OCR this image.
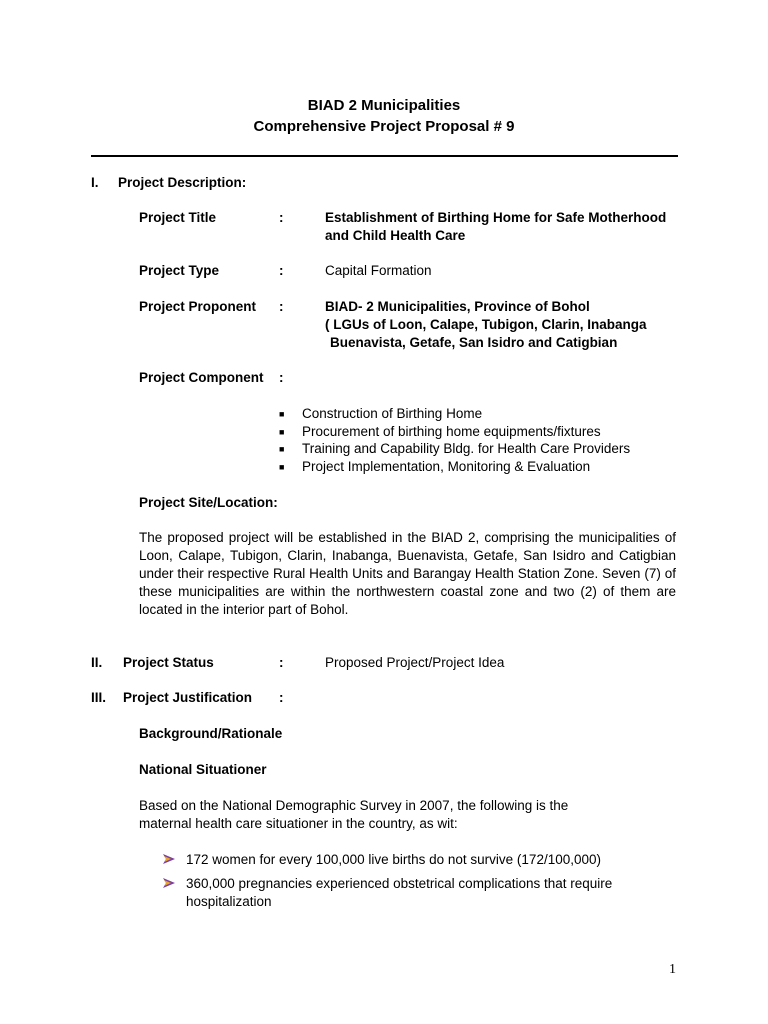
BIAD 2 Municipalities
Comprehensive Project Proposal # 9
I. Project Description:
Project Title	:	Establishment of Birthing Home for Safe Motherhood
and Child Health Care
Project Type	:	Capital Formation
Project Proponent :	BIAD- 2 Municipalities, Province of Bohol
( LGUs of Loon, Calape, Tubigon, Clarin, Inabanga
Buenavista, Getafe, San Isidro and Catigbian
Project Component :
■ Construction of Birthing Home
■ Procurement of birthing home equipments/fixtures
■ Training and Capability Bldg. for Health Care Providers
■ Project Implementation, Monitoring & Evaluation
Project Site/Location:
The proposed project will be established in the BIAD 2, comprising the municipalities of Loon, Calape, Tubigon, Clarin, Inabanga, Buenavista, Getafe, San Isidro and Catigbian under their respective Rural Health Units and Barangay Health Station Zone. Seven (7) of these municipalities are within the northwestern coastal zone and two (2) of them are located in the interior part of Bohol.
II. Project Status	:	Proposed Project/Project Idea
III. Project Justification :
Background/Rationale
National Situationer
Based on the National Demographic Survey in 2007, the following is the
maternal health care situationer in the country, as wit:
172 women for every 100,000 live births do not survive (172/100,000)
360,000 pregnancies experienced obstetrical complications that require
hospitalization
1
